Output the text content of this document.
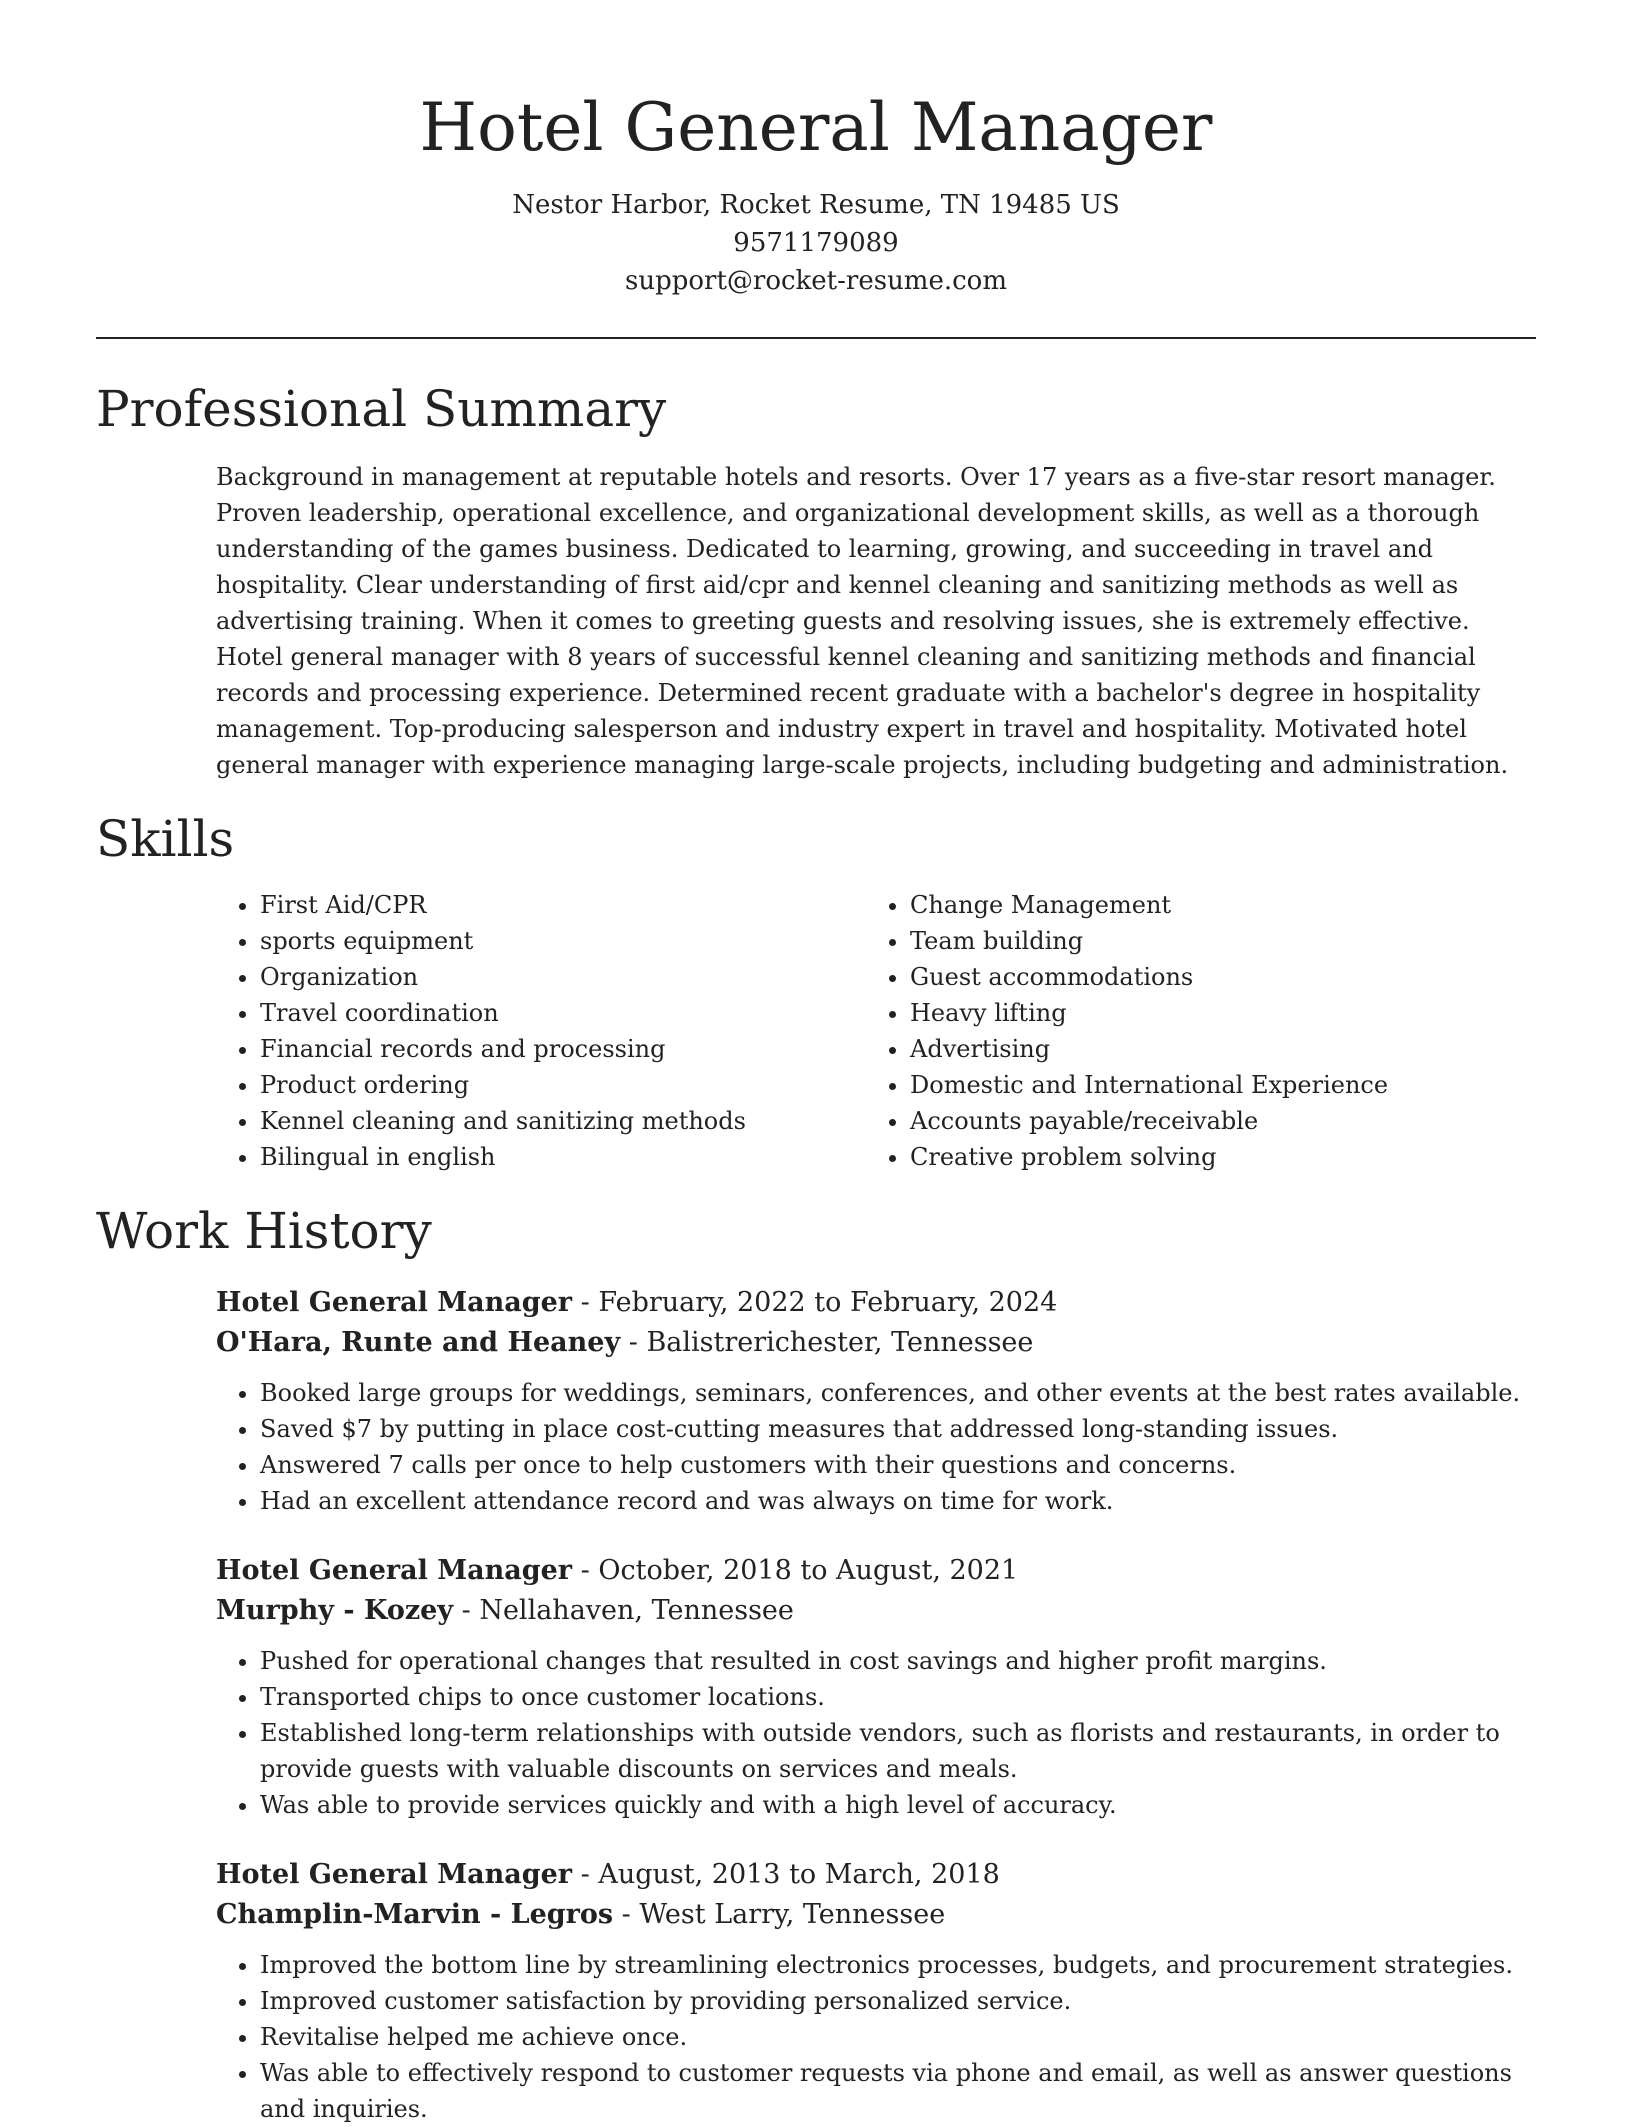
Hotel General Manager
Nestor Harbor, Rocket Resume, TN 19485 US
9571179089
support@rocket-resume.com
Professional Summary

Background in management at reputable hotels and resorts. Over 17 years as a five-star resort manager. Proven leadership, operational excellence, and organizational development skills, as well as a thorough understanding of the games business. Dedicated to learning, growing, and succeeding in travel and hospitality. Clear understanding of first aid/cpr and kennel cleaning and sanitizing methods as well as advertising training. When it comes to greeting guests and resolving issues, she is extremely effective. Hotel general manager with 8 years of successful kennel cleaning and sanitizing methods and financial records and processing experience. Determined recent graduate with a bachelor's degree in hospitality management. Top-producing salesperson and industry expert in travel and hospitality. Motivated hotel general manager with experience managing large-scale projects, including budgeting and administration.

Skills
• First Aid/CPR
• sports equipment
• Organization
• Travel coordination
• Financial records and processing
• Product ordering
• Kennel cleaning and sanitizing methods
• Bilingual in english
• Change Management
• Team building
• Guest accommodations
• Heavy lifting
• Advertising
• Domestic and International Experience
• Accounts payable/receivable
• Creative problem solving
Work History
Hotel General Manager - February, 2022 to February, 2024
O'Hara, Runte and Heaney - Balistrerichester, Tennessee
• Booked large groups for weddings, seminars, conferences, and other events at the best rates available.
• Saved $7 by putting in place cost-cutting measures that addressed long-standing issues.
• Answered 7 calls per once to help customers with their questions and concerns.
• Had an excellent attendance record and was always on time for work.
Hotel General Manager - October, 2018 to August, 2021
Murphy - Kozey - Nellahaven, Tennessee
• Pushed for operational changes that resulted in cost savings and higher profit margins.
• Transported chips to once customer locations.
• Established long-term relationships with outside vendors, such as florists and restaurants, in order to provide guests with valuable discounts on services and meals.
• Was able to provide services quickly and with a high level of accuracy.
Hotel General Manager - August, 2013 to March, 2018
Champlin-Marvin - Legros - West Larry, Tennessee
• Improved the bottom line by streamlining electronics processes, budgets, and procurement strategies.
• Improved customer satisfaction by providing personalized service.
• Revitalise helped me achieve once.
• Was able to effectively respond to customer requests via phone and email, as well as answer questions and inquiries.
